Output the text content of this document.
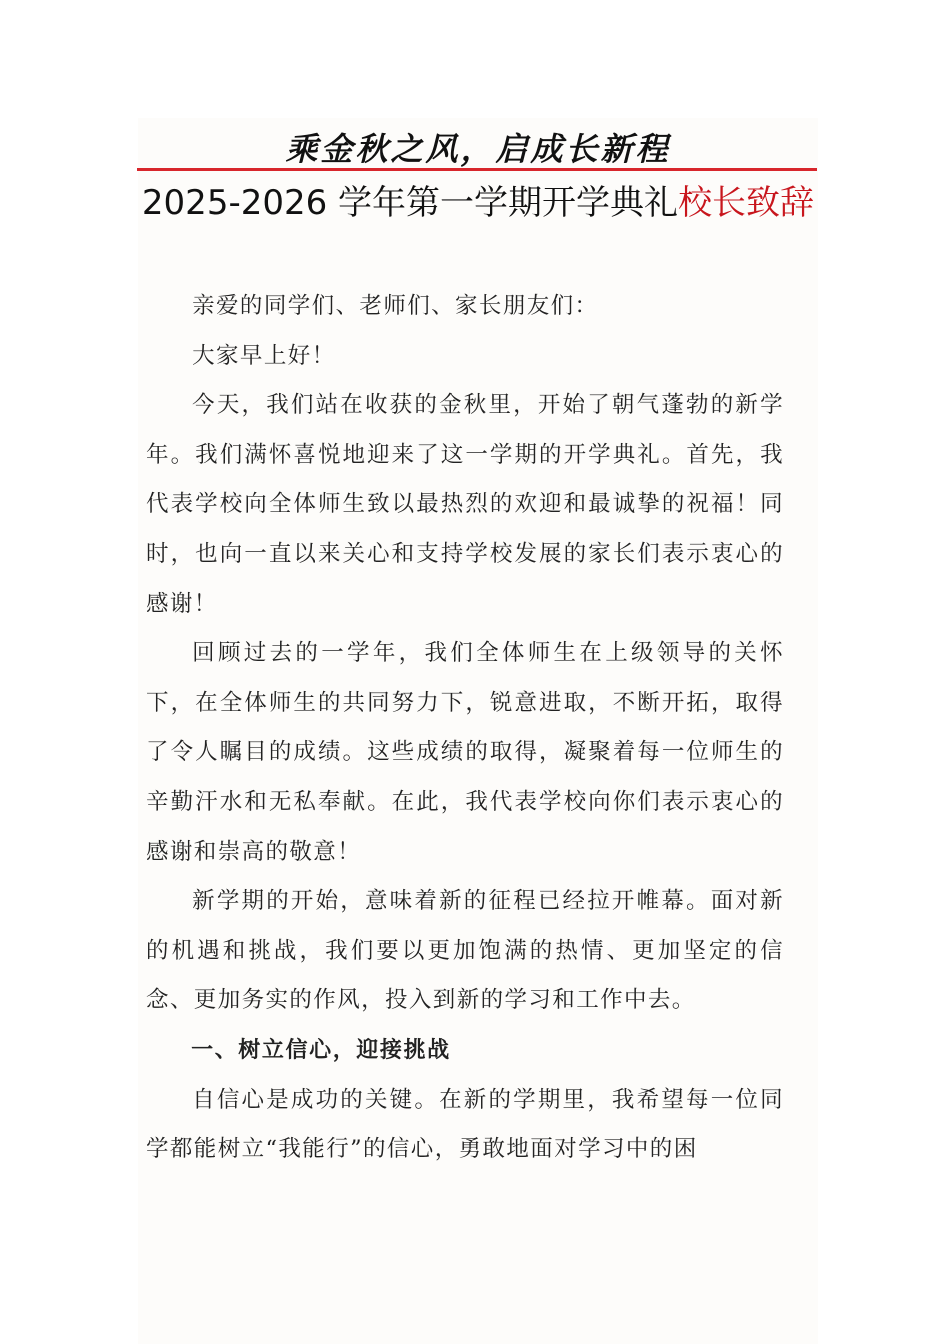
乘金秋之风，启成长新程
2025-2026 学年第一学期开学典礼校长致辞

亲爱的同学们、老师们、家长朋友们：

大家早上好！

今天，我们站在收获的金秋里，开始了朝气蓬勃的新学年。我们满怀喜悦地迎来了这一学期的开学典礼。首先，我代表学校向全体师生致以最热烈的欢迎和最诚挚的祝福！同时，也向一直以来关心和支持学校发展的家长们表示衷心的感谢！

回顾过去的一学年，我们全体师生在上级领导的关怀下，在全体师生的共同努力下，锐意进取，不断开拓，取得了令人瞩目的成绩。这些成绩的取得，凝聚着每一位师生的辛勤汗水和无私奉献。在此，我代表学校向你们表示衷心的感谢和崇高的敬意！

新学期的开始，意味着新的征程已经拉开帷幕。面对新的机遇和挑战，我们要以更加饱满的热情、更加坚定的信念、更加务实的作风，投入到新的学习和工作中去。

一、树立信心，迎接挑战

自信心是成功的关键。在新的学期里，我希望每一位同学都能树立“我能行”的信心，勇敢地面对学习中的困
